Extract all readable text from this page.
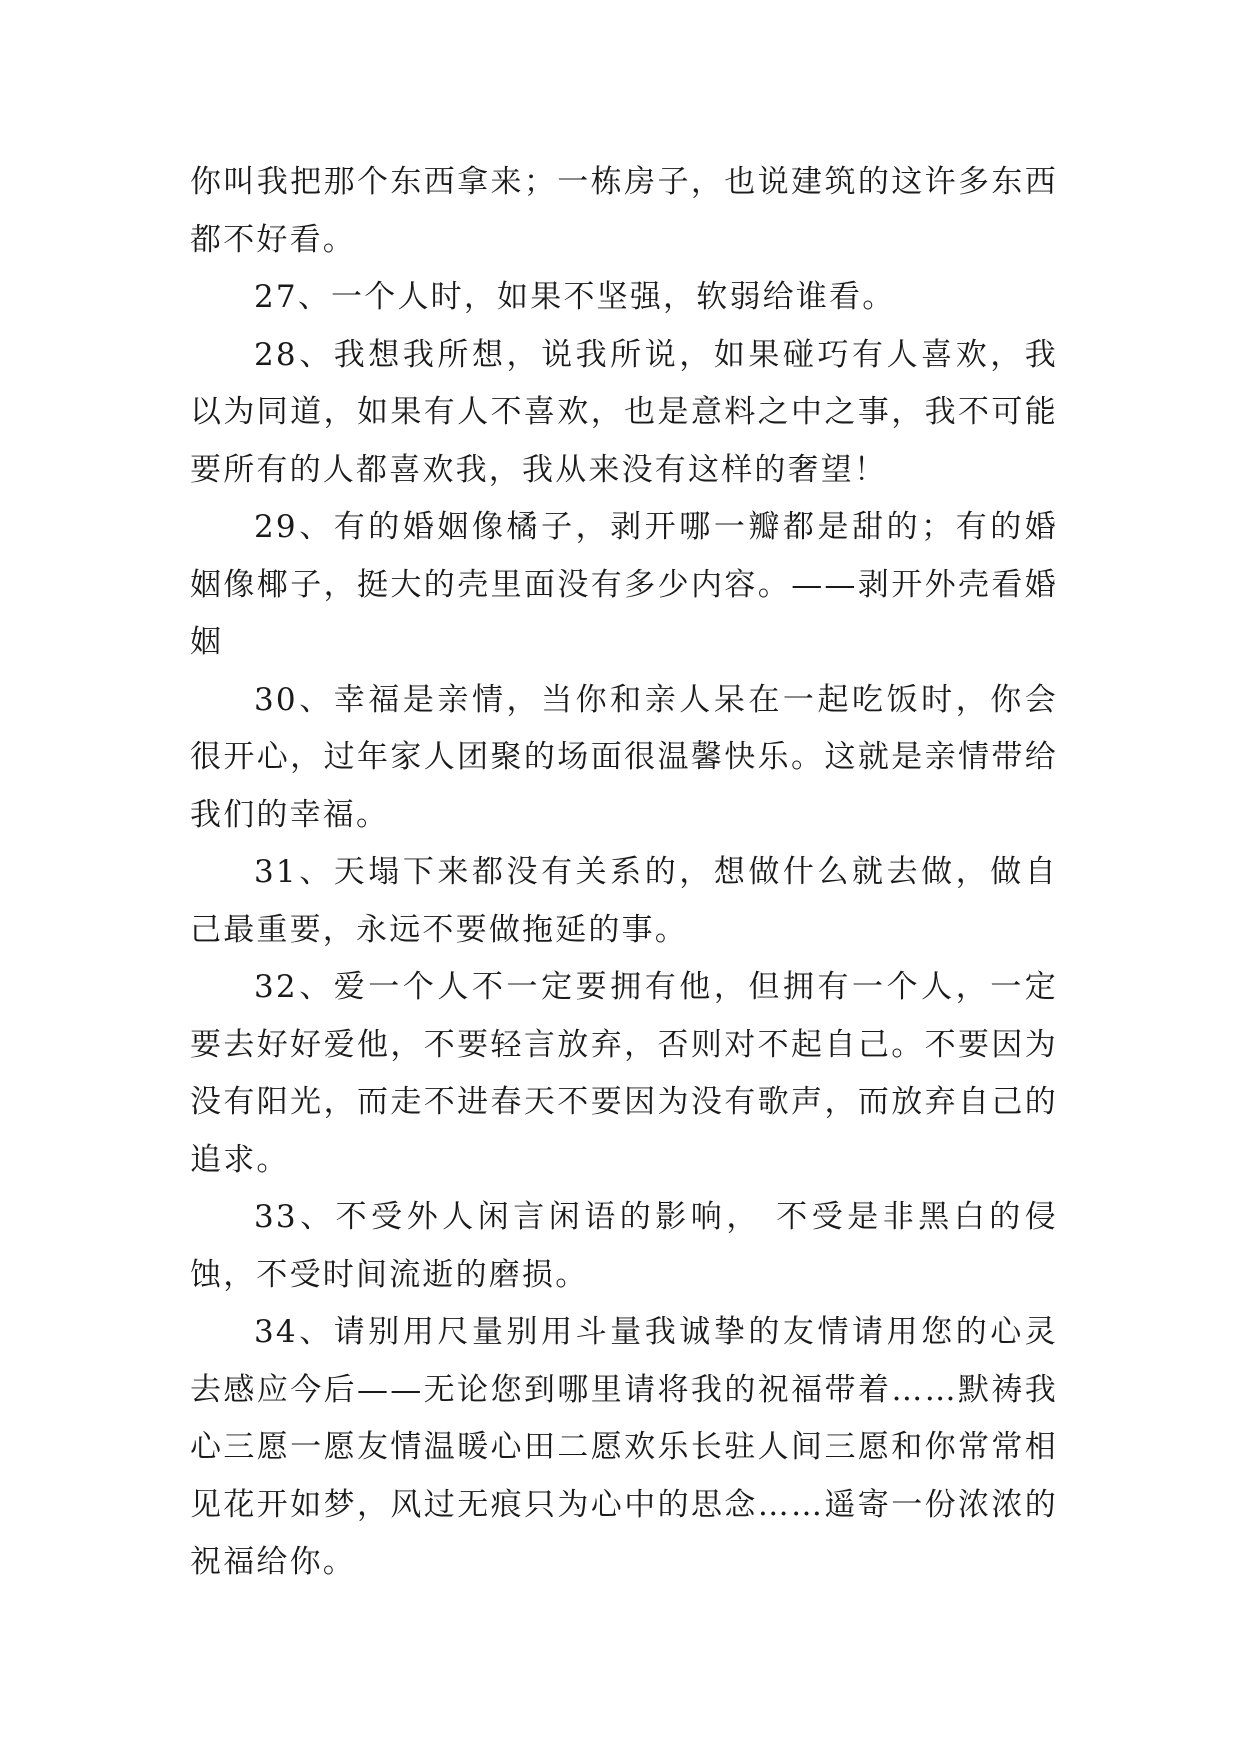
你叫我把那个东西拿来；一栋房子，也说建筑的这许多东西都不好看。

27、一个人时，如果不坚强，软弱给谁看。

28、我想我所想，说我所说，如果碰巧有人喜欢，我以为同道，如果有人不喜欢，也是意料之中之事，我不可能要所有的人都喜欢我，我从来没有这样的奢望！

29、有的婚姻像橘子，剥开哪一瓣都是甜的；有的婚姻像椰子，挺大的壳里面没有多少内容。——剥开外壳看婚姻

30、幸福是亲情，当你和亲人呆在一起吃饭时，你会很开心，过年家人团聚的场面很温馨快乐。这就是亲情带给我们的幸福。

31、天塌下来都没有关系的，想做什么就去做，做自己最重要，永远不要做拖延的事。

32、爱一个人不一定要拥有他，但拥有一个人，一定要去好好爱他，不要轻言放弃，否则对不起自己。不要因为没有阳光，而走不进春天不要因为没有歌声，而放弃自己的追求。

33、不受外人闲言闲语的影响， 不受是非黑白的侵蚀，不受时间流逝的磨损。

34、请别用尺量别用斗量我诚挚的友情请用您的心灵去感应今后——无论您到哪里请将我的祝福带着……默祷我心三愿一愿友情温暖心田二愿欢乐长驻人间三愿和你常常相见花开如梦，风过无痕只为心中的思念……遥寄一份浓浓的祝福给你。
